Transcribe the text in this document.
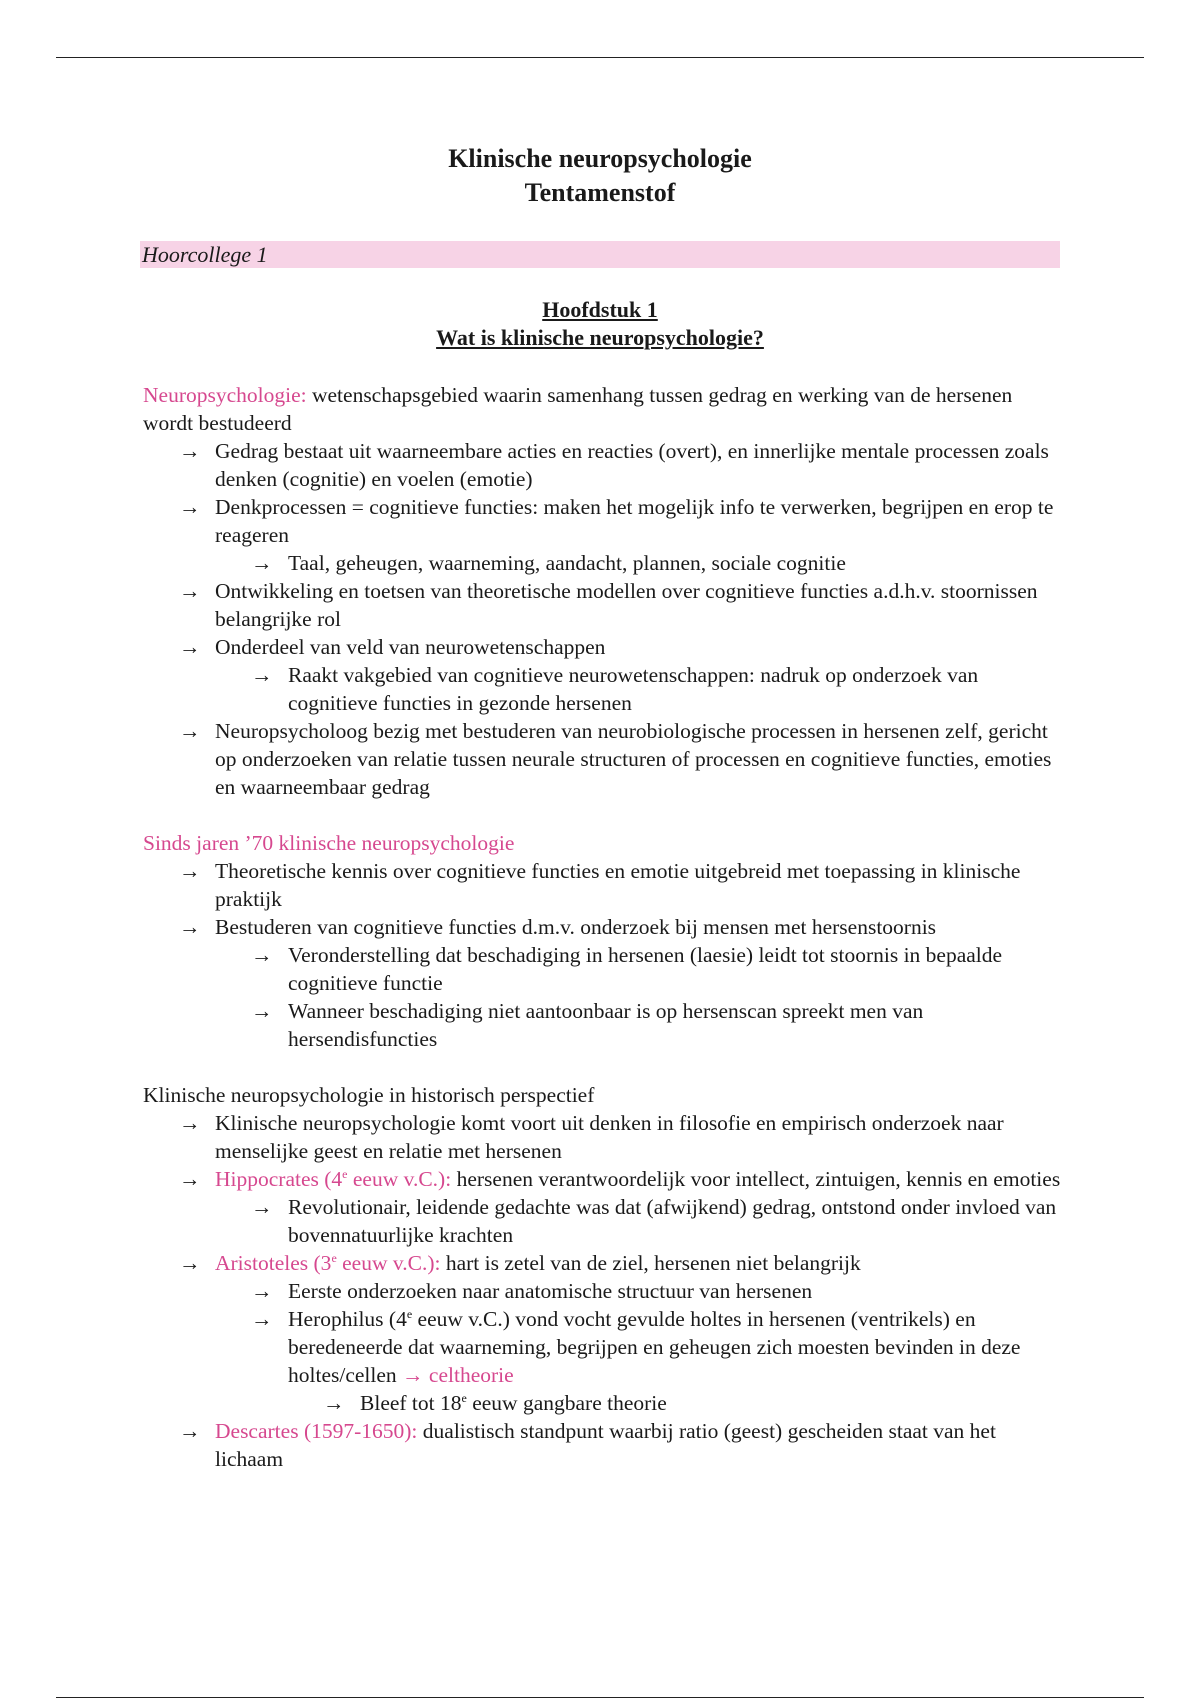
Klinische neuropsychologie
Tentamenstof
Hoorcollege 1
Hoofdstuk 1
Wat is klinische neuropsychologie?

Neuropsychologie: wetenschapsgebied waarin samenhang tussen gedrag en werking van de hersenen wordt bestudeerd

→ Gedrag bestaat uit waarneembare acties en reacties (overt), en innerlijke mentale processen zoals denken (cognitie) en voelen (emotie)
→ Denkprocessen = cognitieve functies: maken het mogelijk info te verwerken, begrijpen en erop te reageren
→ Taal, geheugen, waarneming, aandacht, plannen, sociale cognitie
→ Ontwikkeling en toetsen van theoretische modellen over cognitieve functies a.d.h.v. stoornissen belangrijke rol
→ Onderdeel van veld van neurowetenschappen
→ Raakt vakgebied van cognitieve neurowetenschappen: nadruk op onderzoek van cognitieve functies in gezonde hersenen
→ Neuropsycholoog bezig met bestuderen van neurobiologische processen in hersenen zelf, gericht op onderzoeken van relatie tussen neurale structuren of processen en cognitieve functies, emoties en waarneembaar gedrag

Sinds jaren ’70 klinische neuropsychologie

→ Theoretische kennis over cognitieve functies en emotie uitgebreid met toepassing in klinische praktijk
→ Bestuderen van cognitieve functies d.m.v. onderzoek bij mensen met hersenstoornis
→ Veronderstelling dat beschadiging in hersenen (laesie) leidt tot stoornis in bepaalde cognitieve functie
→ Wanneer beschadiging niet aantoonbaar is op hersenscan spreekt men van hersendisfuncties

Klinische neuropsychologie in historisch perspectief

→ Klinische neuropsychologie komt voort uit denken in filosofie en empirisch onderzoek naar menselijke geest en relatie met hersenen
→ Hippocrates (4e eeuw v.C.): hersenen verantwoordelijk voor intellect, zintuigen, kennis en emoties
→ Revolutionair, leidende gedachte was dat (afwijkend) gedrag, ontstond onder invloed van bovennatuurlijke krachten
→ Aristoteles (3e eeuw v.C.): hart is zetel van de ziel, hersenen niet belangrijk
→ Eerste onderzoeken naar anatomische structuur van hersenen
→ Herophilus (4e eeuw v.C.) vond vocht gevulde holtes in hersenen (ventrikels) en beredeneerde dat waarneming, begrijpen en geheugen zich moesten bevinden in deze holtes/cellen → celtheorie
→ Bleef tot 18e eeuw gangbare theorie
→ Descartes (1597-1650): dualistisch standpunt waarbij ratio (geest) gescheiden staat van het lichaam
